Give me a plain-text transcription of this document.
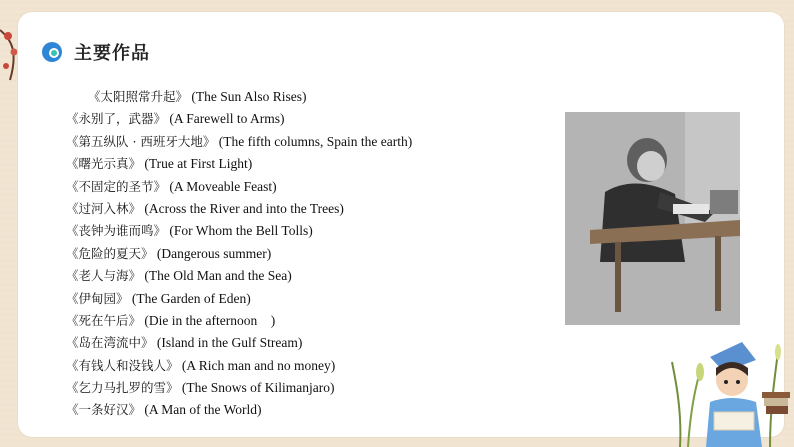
主要作品
《太阳照常升起》 (The Sun Also Rises)
《永别了，武器》 (A Farewell to Arms)
《第五纵队 · 西班牙大地》 (The fifth columns, Spain the earth)
《曙光示真》 (True at First Light)
《不固定的圣节》 (A Moveable Feast)
《过河入林》 (Across the River and into the Trees)
《丧钟为谁而鸣》 (For Whom the Bell Tolls)
《危险的夏天》 (Dangerous summer)
《老人与海》 (The Old Man and the Sea)
《伊甸园》 (The Garden of Eden)
《死在午后》 (Die in the afternoon　)
《岛在湾流中》 (Island in the Gulf Stream)
《有钱人和没钱人》 (A Rich man and no money)
《乞力马扎罗的雪》 (The Snows of Kilimanjaro)
《一条好汉》 (A Man of the World)
